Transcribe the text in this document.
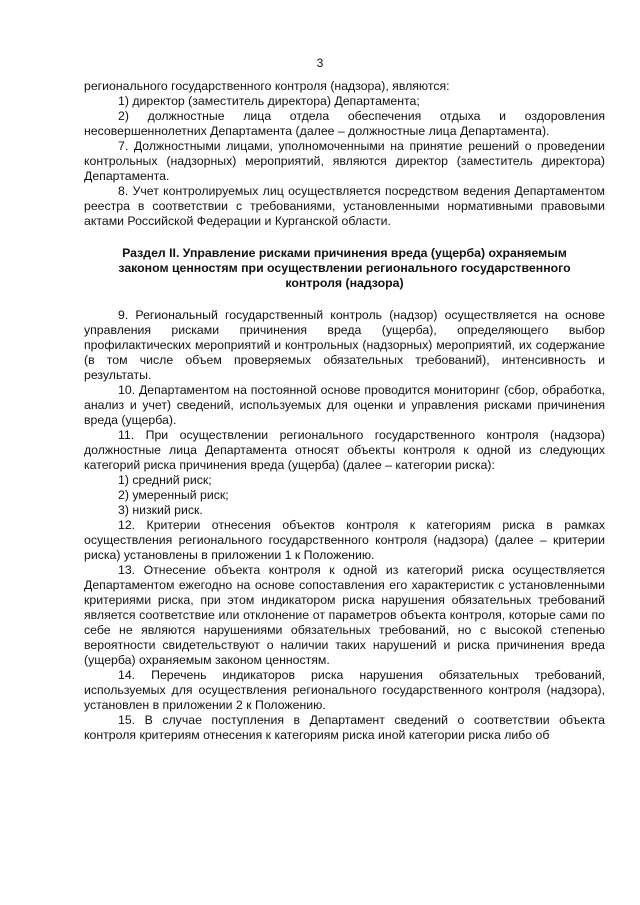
3

регионального государственного контроля (надзора), являются:

1) директор (заместитель директора) Департамента;

2) должностные лица отдела обеспечения отдыха и оздоровления несовершеннолетних Департамента (далее – должностные лица Департамента).

7. Должностными лицами, уполномоченными на принятие решений о проведении контрольных (надзорных) мероприятий, являются директор (заместитель директора) Департамента.

8. Учет контролируемых лиц осуществляется посредством ведения Департаментом реестра в соответствии с требованиями, установленными нормативными правовыми актами Российской Федерации и Курганской области.

Раздел II. Управление рисками причинения вреда (ущерба) охраняемым законом ценностям при осуществлении регионального государственного контроля (надзора)

9. Региональный государственный контроль (надзор) осуществляется на основе управления рисками причинения вреда (ущерба), определяющего выбор профилактических мероприятий и контрольных (надзорных) мероприятий, их содержание (в том числе объем проверяемых обязательных требований), интенсивность и результаты.

10. Департаментом на постоянной основе проводится мониторинг (сбор, обработка, анализ и учет) сведений, используемых для оценки и управления рисками причинения вреда (ущерба).

11. При осуществлении регионального государственного контроля (надзора) должностные лица Департамента относят объекты контроля к одной из следующих категорий риска причинения вреда (ущерба) (далее – категории риска):

1) средний риск;

2) умеренный риск;

3) низкий риск.

12. Критерии отнесения объектов контроля к категориям риска в рамках осуществления регионального государственного контроля (надзора) (далее – критерии риска) установлены в приложении 1 к Положению.

13. Отнесение объекта контроля к одной из категорий риска осуществляется Департаментом ежегодно на основе сопоставления его характеристик с установленными критериями риска, при этом индикатором риска нарушения обязательных требований является соответствие или отклонение от параметров объекта контроля, которые сами по себе не являются нарушениями обязательных требований, но с высокой степенью вероятности свидетельствуют о наличии таких нарушений и риска причинения вреда (ущерба) охраняемым законом ценностям.

14. Перечень индикаторов риска нарушения обязательных требований, используемых для осуществления регионального государственного контроля (надзора), установлен в приложении 2 к Положению.

15. В случае поступления в Департамент сведений о соответствии объекта контроля критериям отнесения к категориям риска иной категории риска либо об
